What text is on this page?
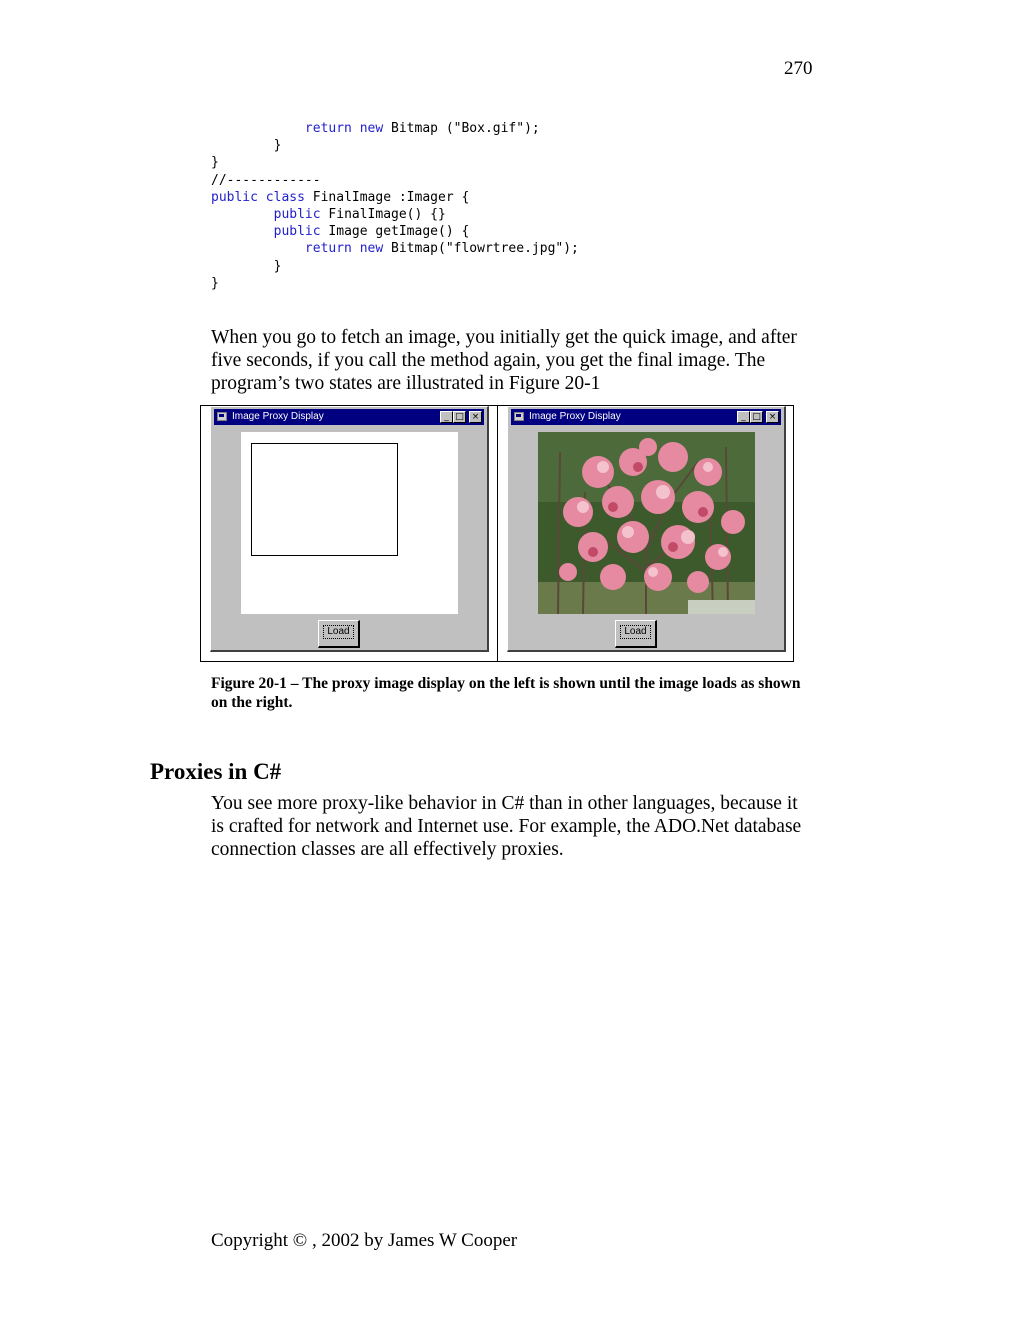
270
return new Bitmap ("Box.gif");
}
}
//------------
public class FinalImage :Imager {
public FinalImage() {}
public Image getImage() {
return new Bitmap("flowrtree.jpg");
}
}
When you go to fetch an image, you initially get the quick image, and after five seconds, if you call the method again, you get the final image. The program’s two states are illustrated in Figure 20-1
Image Proxy Display	_ □ ×
Load
Image Proxy Display	_ □ ×
Load
Figure 20-1 – The proxy image display on the left is shown until the image loads as shown on the right.
Proxies in C#
You see more proxy-like behavior in C# than in other languages, because it is crafted for network and Internet use. For example, the ADO.Net database connection classes are all effectively proxies.
Copyright © , 2002 by James W Cooper
